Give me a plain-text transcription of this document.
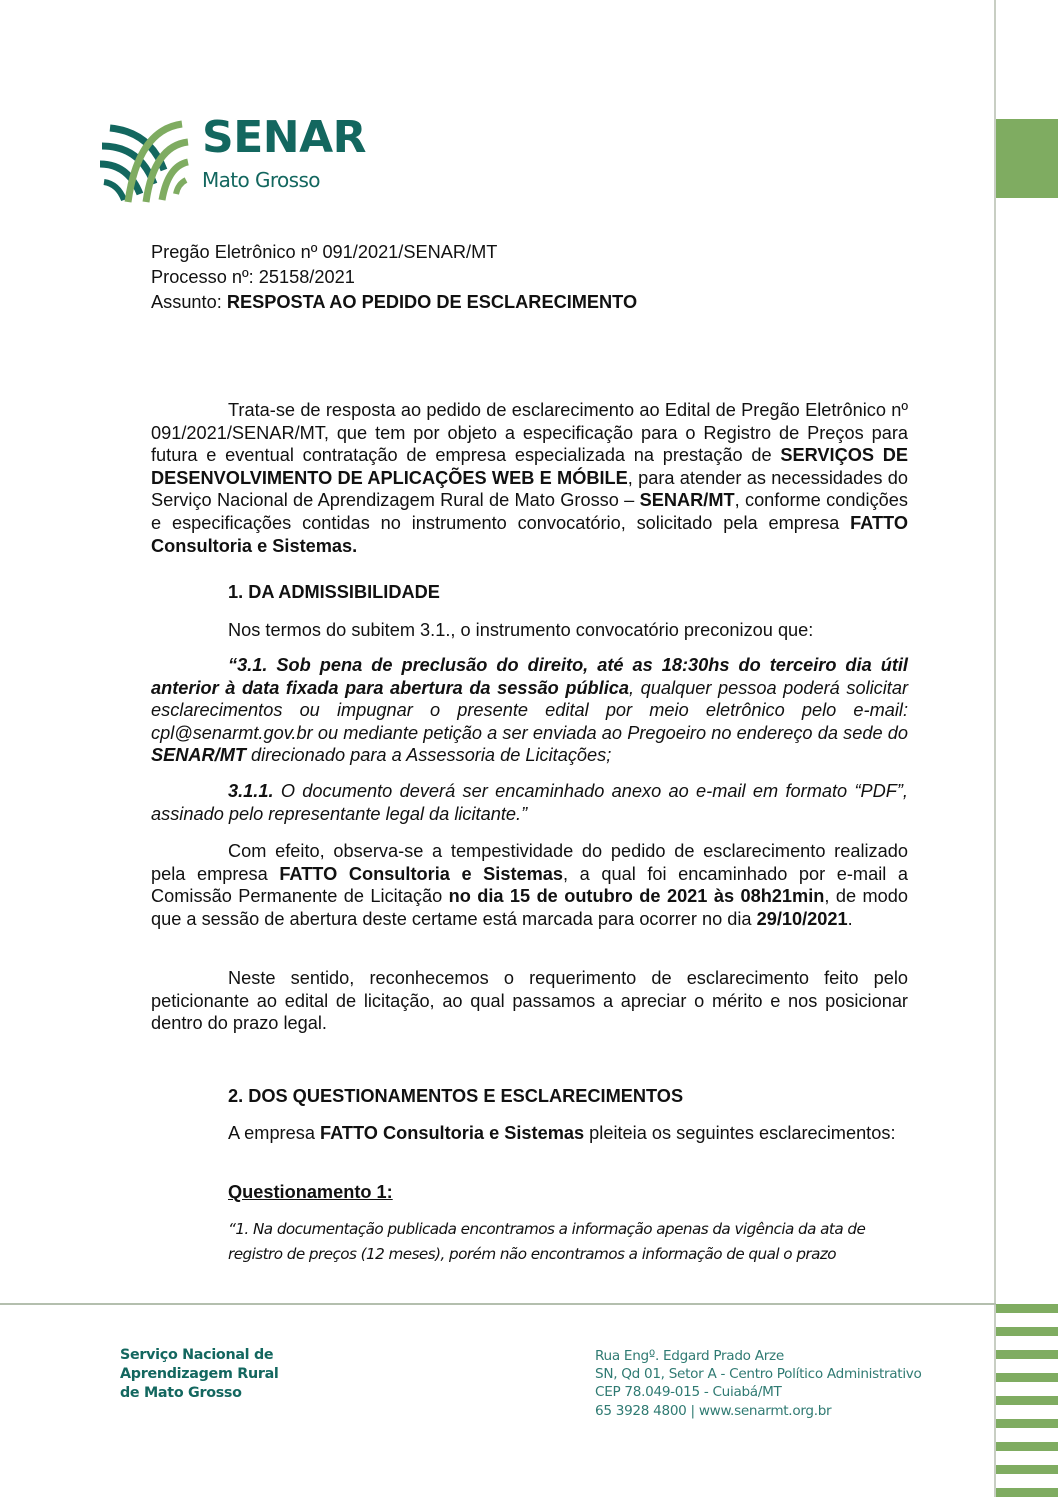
SENAR
Mato Grosso
Pregão Eletrônico nº 091/2021/SENAR/MT
Processo nº: 25158/2021
Assunto: RESPOSTA AO PEDIDO DE ESCLARECIMENTO

Trata-se de resposta ao pedido de esclarecimento ao Edital de Pregão Eletrônico nº 091/2021/SENAR/MT, que tem por objeto a especificação para o Registro de Preços para futura e eventual contratação de empresa especializada na prestação de SERVIÇOS DE DESENVOLVIMENTO DE APLICAÇÕES WEB E MÓBILE, para atender as necessidades do Serviço Nacional de Aprendizagem Rural de Mato Grosso – SENAR/MT, conforme condições e especificações contidas no instrumento convocatório, solicitado pela empresa FATTO Consultoria e Sistemas.

1. DA ADMISSIBILIDADE
Nos termos do subitem 3.1., o instrumento convocatório preconizou que:

“3.1. Sob pena de preclusão do direito, até as 18:30hs do terceiro dia útil anterior à data fixada para abertura da sessão pública, qualquer pessoa poderá solicitar esclarecimentos ou impugnar o presente edital por meio eletrônico pelo e-mail: cpl@senarmt.gov.br ou mediante petição a ser enviada ao Pregoeiro no endereço da sede do SENAR/MT direcionado para a Assessoria de Licitações;

3.1.1. O documento deverá ser encaminhado anexo ao e-mail em formato “PDF”, assinado pelo representante legal da licitante.”

Com efeito, observa-se a tempestividade do pedido de esclarecimento realizado pela empresa FATTO Consultoria e Sistemas, a qual foi encaminhado por e-mail a Comissão Permanente de Licitação no dia 15 de outubro de 2021 às 08h21min, de modo que a sessão de abertura deste certame está marcada para ocorrer no dia 29/10/2021.

Neste sentido, reconhecemos o requerimento de esclarecimento feito pelo peticionante ao edital de licitação, ao qual passamos a apreciar o mérito e nos posicionar dentro do prazo legal.

2. DOS QUESTIONAMENTOS E ESCLARECIMENTOS

A empresa FATTO Consultoria e Sistemas pleiteia os seguintes esclarecimentos:

Questionamento 1:
“1. Na documentação publicada encontramos a informação apenas da vigência da ata de registro de preços (12 meses), porém não encontramos a informação de qual o prazo
Serviço Nacional de
Aprendizagem Rural
de Mato Grosso
Rua Engº. Edgard Prado Arze
SN, Qd 01, Setor A - Centro Político Administrativo
CEP 78.049-015 - Cuiabá/MT
65 3928 4800 | www.senarmt.org.br
